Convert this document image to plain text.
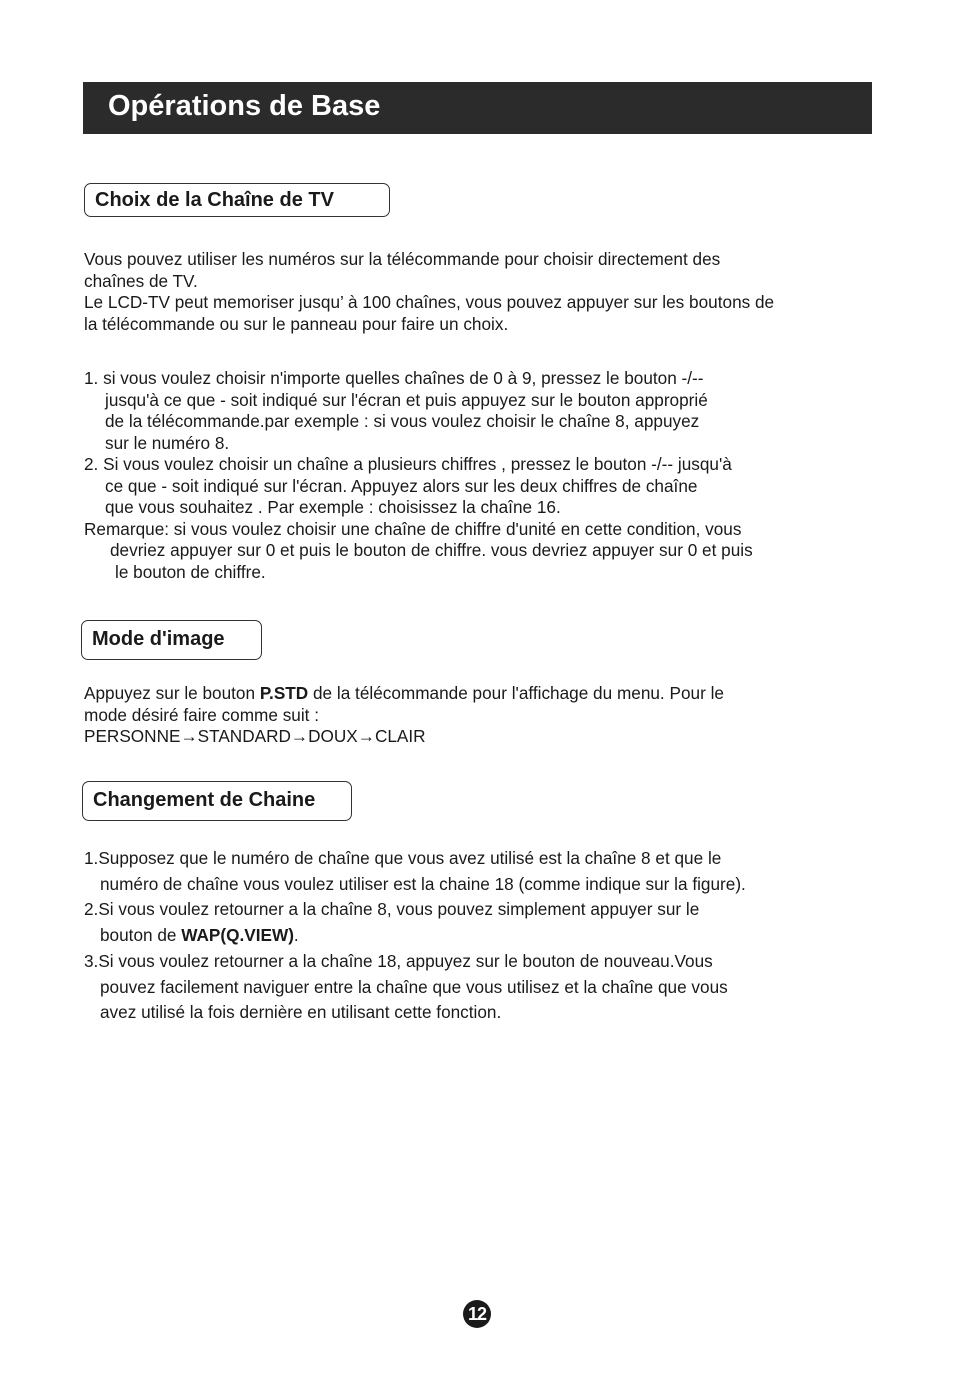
Opérations de Base
Choix de la Chaîne de TV
Vous pouvez utiliser les numéros sur la télécommande pour choisir directement des
chaînes de TV.
Le LCD-TV peut memoriser jusqu’ à 100 chaînes, vous pouvez appuyer sur les boutons de
la télécommande ou sur le panneau pour faire un choix.
1. si vous voulez choisir n'importe quelles chaînes de 0 à 9, pressez le bouton -/--
jusqu'à ce que - soit indiqué sur l'écran et puis appuyez sur le bouton approprié
de la télécommande.par exemple : si vous voulez choisir le chaîne 8, appuyez
sur le numéro 8.
2. Si vous voulez choisir un chaîne a plusieurs chiffres , pressez le bouton -/-- jusqu'à
ce que - soit indiqué sur l'écran. Appuyez alors sur les deux chiffres de chaîne
que vous souhaitez . Par exemple : choisissez la chaîne 16.
Remarque: si vous voulez choisir une chaîne de chiffre d'unité en cette condition, vous
devriez appuyer sur 0 et puis le bouton de chiffre. vous devriez appuyer sur 0 et puis
le bouton de chiffre.
Mode d'image
Appuyez sur le bouton P.STD de la télécommande pour l'affichage du menu. Pour le
mode désiré faire comme suit :
PERSONNE→STANDARD→DOUX→CLAIR
Changement de Chaine
1.Supposez que le numéro de chaîne que vous avez utilisé est la chaîne 8 et que le
numéro de chaîne vous voulez utiliser est la chaine 18 (comme indique sur la figure).
2.Si vous voulez retourner a la chaîne 8, vous pouvez simplement appuyer sur le
bouton de WAP(Q.VIEW).
3.Si vous voulez retourner a la chaîne 18, appuyez sur le bouton de nouveau.Vous
pouvez facilement naviguer entre la chaîne que vous utilisez et la chaîne que vous
avez utilisé la fois dernière en utilisant cette fonction.
12
